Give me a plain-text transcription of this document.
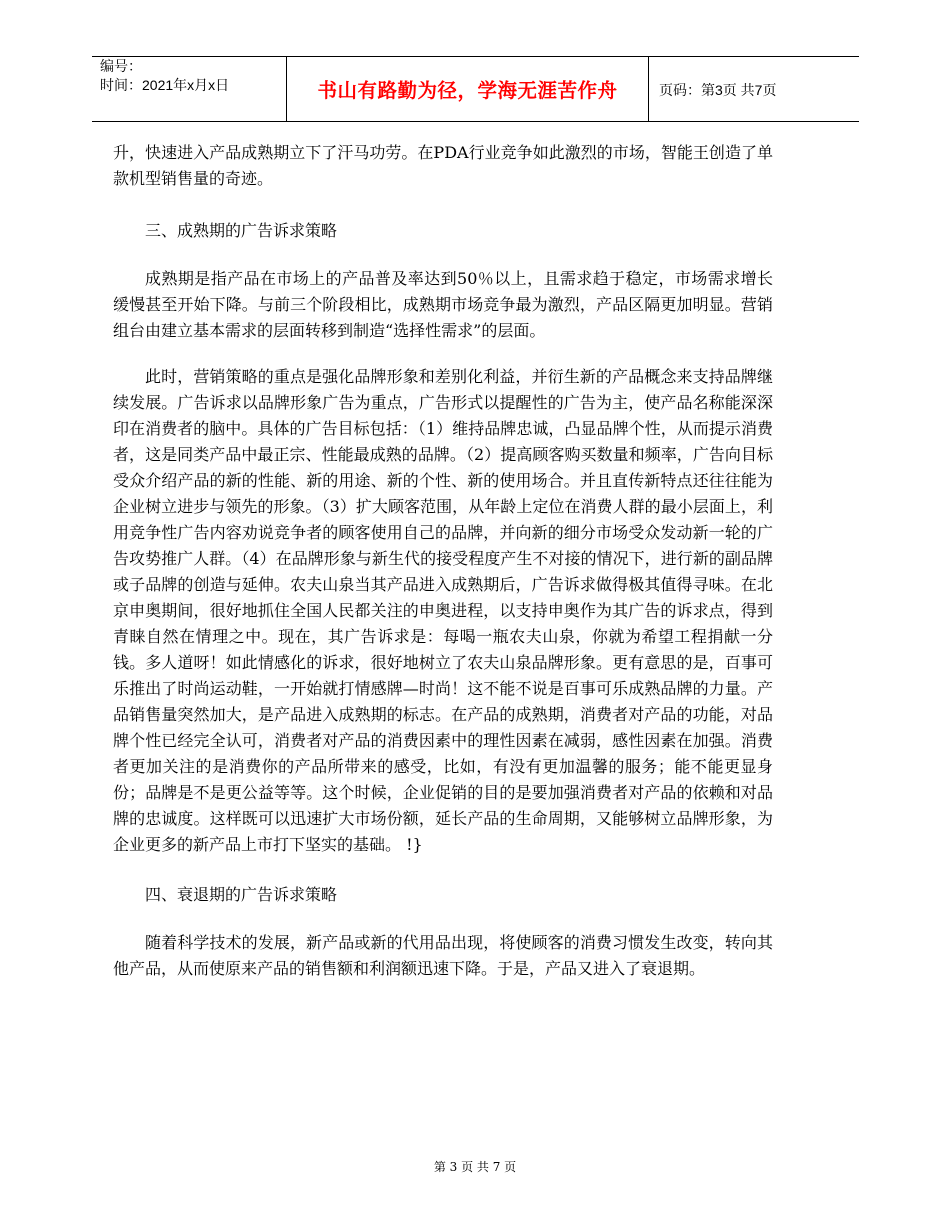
编号：
时间：2021年x月x日	书山有路勤为径，学海无涯苦作舟	页码：第3页 共7页

升，快速进入产品成熟期立下了汗马功劳。在PDA行业竞争如此激烈的市场，智能王创造了单款机型销售量的奇迹。

三、成熟期的广告诉求策略

成熟期是指产品在市场上的产品普及率达到50％以上，且需求趋于稳定，市场需求增长缓慢甚至开始下降。与前三个阶段相比，成熟期市场竞争最为激烈，产品区隔更加明显。营销组台由建立基本需求的层面转移到制造“选择性需求”的层面。

此时，营销策略的重点是强化品牌形象和差别化利益，并衍生新的产品概念来支持品牌继续发展。广告诉求以品牌形象广告为重点，广告形式以提醒性的广告为主，使产品名称能深深印在消费者的脑中。具体的广告目标包括：（1）维持品牌忠诚，凸显品牌个性，从而提示消费者，这是同类产品中最正宗、性能最成熟的品牌。（2）提高顾客购买数量和频率，广告向目标受众介绍产品的新的性能、新的用途、新的个性、新的使用场合。并且直传新特点还往往能为企业树立进步与领先的形象。（3）扩大顾客范围，从年龄上定位在消费人群的最小层面上，利用竞争性广告内容劝说竞争者的顾客使用自己的品牌，并向新的细分市场受众发动新一轮的广告攻势推广人群。（4）在品牌形象与新生代的接受程度产生不对接的情况下，进行新的副品牌或子品牌的创造与延伸。农夫山泉当其产品进入成熟期后，广告诉求做得极其值得寻味。在北京申奥期间，很好地抓住全国人民都关注的申奥进程，以支持申奥作为其广告的诉求点，得到青睐自然在情理之中。现在，其广告诉求是：每喝一瓶农夫山泉，你就为希望工程捐献一分钱。多人道呀！如此情感化的诉求，很好地树立了农夫山泉品牌形象。更有意思的是，百事可乐推出了时尚运动鞋，一开始就打情感牌—时尚！这不能不说是百事可乐成熟品牌的力量。产品销售量突然加大，是产品进入成熟期的标志。在产品的成熟期，消费者对产品的功能，对品牌个性已经完全认可，消费者对产品的消费因素中的理性因素在减弱，感性因素在加强。消费者更加关注的是消费你的产品所带来的感受，比如，有没有更加温馨的服务；能不能更显身份；品牌是不是更公益等等。这个时候，企业促销的目的是要加强消费者对产品的依赖和对品牌的忠诚度。这样既可以迅速扩大市场份额，延长产品的生命周期，又能够树立品牌形象，为企业更多的新产品上市打下坚实的基础。 !}

四、衰退期的广告诉求策略

随着科学技术的发展，新产品或新的代用品出现，将使顾客的消费习惯发生改变，转向其他产品，从而使原来产品的销售额和利润额迅速下降。于是，产品又进入了衰退期。

第 3 页 共 7 页
